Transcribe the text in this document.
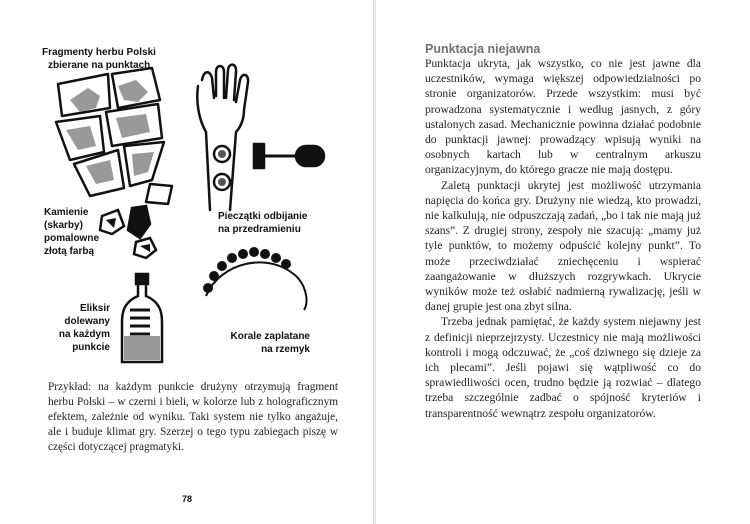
Fragmenty herbu Polski
zbierane na punktach
Kamienie
(skarby)
pomalowne
złotą farbą
Pieczątki odbijanie
na przedramieniu
Eliksir
dolewany
na każdym
punkcie
Korale zaplatane
na rzemyk

Przykład: na każdym punkcie drużyny otrzymują fragment herbu Polski – w czerni i bieli, w kolorze lub z holograficznym efektem, zależnie od wyniku. Taki system nie tylko angażuje, ale i buduje klimat gry. Szerzej o tego typu zabiegach piszę w części dotyczącej pragmatyki.

78
Punktacja niejawna

Punktacja ukryta, jak wszystko, co nie jest jawne dla uczestników, wymaga większej odpowiedzialności po stronie organizatorów. Przede wszystkim: musi być prowadzona systematycznie i według jasnych, z góry ustalonych zasad. Mechanicznie powinna działać podobnie do punktacji jawnej: prowadzący wpisują wyniki na osobnych kartach lub w centralnym arkuszu organizacyjnym, do którego gracze nie mają dostępu.

Zaletą punktacji ukrytej jest możliwość utrzymania napięcia do końca gry. Drużyny nie wiedzą, kto prowadzi, nie kalkulują, nie odpuszczają zadań, „bo i tak nie mają już szans”. Z drugiej strony, zespoły nie szacują: „mamy już tyle punktów, to możemy odpuścić kolejny punkt”. To może przeciwdziałać zniechęceniu i wspierać zaangażowanie w dłuższych rozgrywkach. Ukrycie wyników może też osłabić nadmierną rywalizację, jeśli w danej grupie jest ona zbyt silna.

Trzeba jednak pamiętać, że każdy system niejawny jest z definicji nieprzejrzysty. Uczestnicy nie mają możliwości kontroli i mogą odczuwać, że „coś dziwnego się dzieje za ich plecami”. Jeśli pojawi się wątpliwość co do sprawiedliwości ocen, trudno będzie ją rozwiać – dlatego trzeba szczególnie zadbać o spójność kryteriów i transparentność wewnątrz zespołu organizatorów.
